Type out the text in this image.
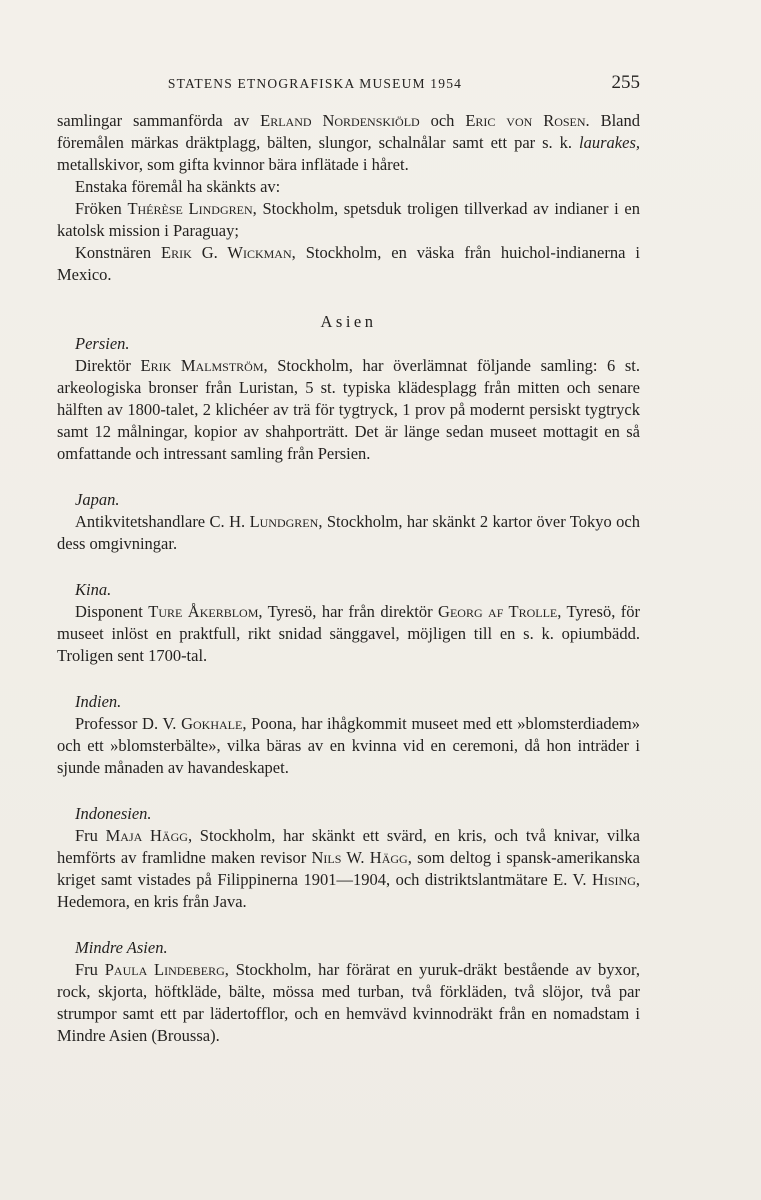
STATENS ETNOGRAFISKA MUSEUM 1954	255

samlingar sammanförda av Erland Nordenskiöld och Eric von Rosen. Bland föremålen märkas dräktplagg, bälten, slungor, schalnålar samt ett par s. k. laurakes, metallskivor, som gifta kvinnor bära inflätade i håret.

Enstaka föremål ha skänkts av:

Fröken Thérèse Lindgren, Stockholm, spetsduk troligen tillverkad av indianer i en katolsk mission i Paraguay;

Konstnären Erik G. Wickman, Stockholm, en väska från huichol-indianerna i Mexico.

Asien

Persien.

Direktör Erik Malmström, Stockholm, har överlämnat följande samling: 6 st. arkeologiska bronser från Luristan, 5 st. typiska klädesplagg från mitten och senare hälften av 1800-talet, 2 klichéer av trä för tygtryck, 1 prov på modernt persiskt tygtryck samt 12 målningar, kopior av shahporträtt. Det är länge sedan museet mottagit en så omfattande och intressant samling från Persien.

Japan.

Antikvitetshandlare C. H. Lundgren, Stockholm, har skänkt 2 kartor över Tokyo och dess omgivningar.

Kina.

Disponent Ture Åkerblom, Tyresö, har från direktör Georg af Trolle, Tyresö, för museet inlöst en praktfull, rikt snidad sänggavel, möjligen till en s. k. opiumbädd. Troligen sent 1700-tal.

Indien.

Professor D. V. Gokhale, Poona, har ihågkommit museet med ett »blomsterdiadem» och ett »blomsterbälte», vilka bäras av en kvinna vid en ceremoni, då hon inträder i sjunde månaden av havandeskapet.

Indonesien.

Fru Maja Hägg, Stockholm, har skänkt ett svärd, en kris, och två knivar, vilka hemförts av framlidne maken revisor Nils W. Hägg, som deltog i spansk-amerikanska kriget samt vistades på Filippinerna 1901—1904, och distriktslantmätare E. V. Hising, Hedemora, en kris från Java.

Mindre Asien.

Fru Paula Lindeberg, Stockholm, har förärat en yuruk-dräkt bestående av byxor, rock, skjorta, höftkläde, bälte, mössa med turban, två förkläden, två slöjor, två par strumpor samt ett par lädertofflor, och en hemvävd kvinnodräkt från en nomadstam i Mindre Asien (Broussa).
